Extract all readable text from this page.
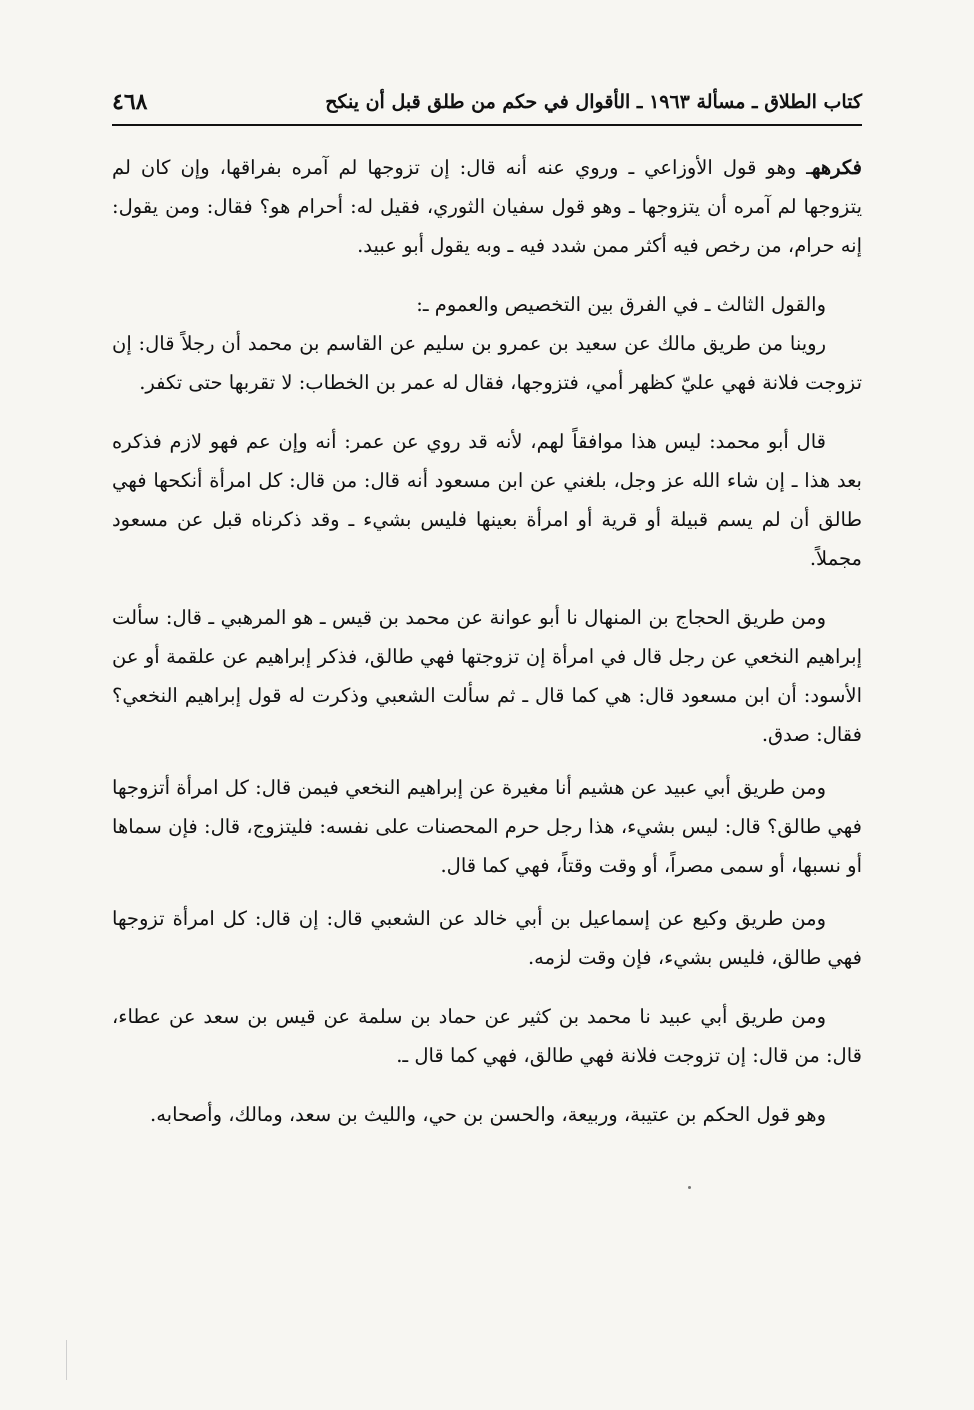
كتاب الطلاق ـ مسألة ١٩٦٣ ـ الأقوال في حكم من طلق قبل أن ينكح
٤٦٨

فكرههـ وهو قول الأوزاعي ـ وروي عنه أنه قال: إن تزوجها لم آمره بفراقها، وإن كان لم يتزوجها لم آمره أن يتزوجها ـ وهو قول سفيان الثوري، فقيل له: أحرام هو؟ فقال: ومن يقول: إنه حرام، من رخص فيه أكثر ممن شدد فيه ـ وبه يقول أبو عبيد.

والقول الثالث ـ في الفرق بين التخصيص والعموم ـ:

روينا من طريق مالك عن سعيد بن عمرو بن سليم عن القاسم بن محمد أن رجلاً قال: إن تزوجت فلانة فهي عليّ كظهر أمي، فتزوجها، فقال له عمر بن الخطاب: لا تقربها حتى تكفر.

قال أبو محمد: ليس هذا موافقاً لهم، لأنه قد روي عن عمر: أنه وإن عم فهو لازم فذكره بعد هذا ـ إن شاء الله عز وجل، بلغني عن ابن مسعود أنه قال: من قال: كل امرأة أنكحها فهي طالق أن لم يسم قبيلة أو قرية أو امرأة بعينها فليس بشيء ـ وقد ذكرناه قبل عن مسعود مجملاً.

ومن طريق الحجاج بن المنهال نا أبو عوانة عن محمد بن قيس ـ هو المرهبي ـ قال: سألت إبراهيم النخعي عن رجل قال في امرأة إن تزوجتها فهي طالق، فذكر إبراهيم عن علقمة أو عن الأسود: أن ابن مسعود قال: هي كما قال ـ ثم سألت الشعبي وذكرت له قول إبراهيم النخعي؟ فقال: صدق.

ومن طريق أبي عبيد عن هشيم أنا مغيرة عن إبراهيم النخعي فيمن قال: كل امرأة أتزوجها فهي طالق؟ قال: ليس بشيء، هذا رجل حرم المحصنات على نفسه: فليتزوج، قال: فإن سماها أو نسبها، أو سمى مصراً، أو وقت وقتاً، فهي كما قال.

ومن طريق وكيع عن إسماعيل بن أبي خالد عن الشعبي قال: إن قال: كل امرأة تزوجها فهي طالق، فليس بشيء، فإن وقت لزمه.

ومن طريق أبي عبيد نا محمد بن كثير عن حماد بن سلمة عن قيس بن سعد عن عطاء، قال: من قال: إن تزوجت فلانة فهي طالق، فهي كما قال ـ.

وهو قول الحكم بن عتيبة، وربيعة، والحسن بن حي، والليث بن سعد، ومالك، وأصحابه.
